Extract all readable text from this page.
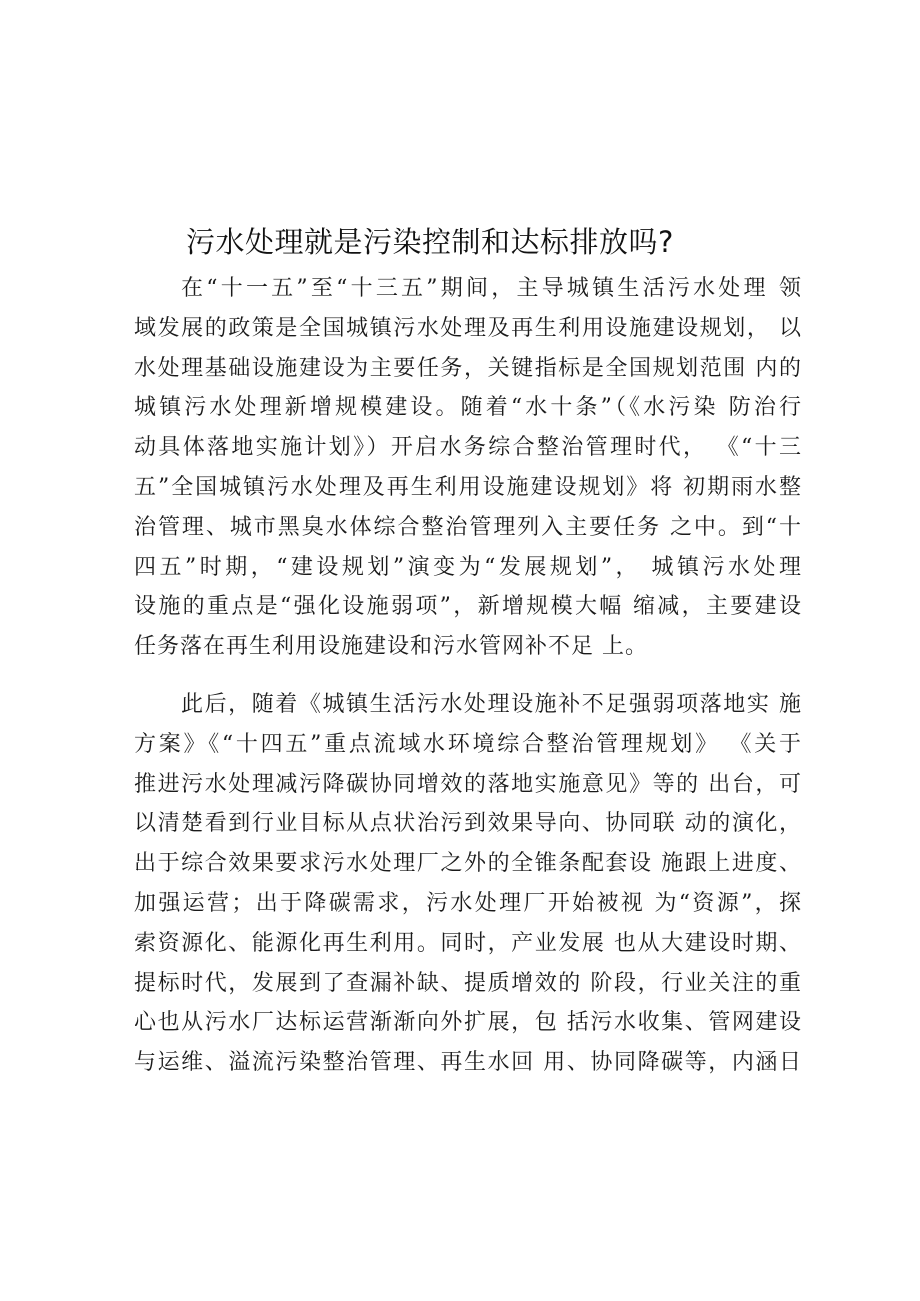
污水处理就是污染控制和达标排放吗?

在“十一五”至“十三五”期间，主导城镇生活污水处理 领
域发展的政策是全国城镇污水处理及再生利用设施建设规划， 以
水处理基础设施建设为主要任务，关键指标是全国规划范围 内的
城镇污水处理新增规模建设。随着“水十条”（《水污染 防治行
动具体落地实施计划》）开启水务综合整治管理时代， 《“十三
五”全国城镇污水处理及再生利用设施建设规划》将 初期雨水整
治管理、城市黑臭水体综合整治管理列入主要任务 之中。到“十
四五”时期，“建设规划”演变为“发展规划”， 城镇污水处理
设施的重点是“强化设施弱项”，新增规模大幅 缩减，主要建设
任务落在再生利用设施建设和污水管网补不足 上。

此后，随着《城镇生活污水处理设施补不足强弱项落地实 施
方案》《“十四五”重点流域水环境综合整治管理规划》 《关于
推进污水处理减污降碳协同增效的落地实施意见》等的 出台，可
以清楚看到行业目标从点状治污到效果导向、协同联 动的演化，
出于综合效果要求污水处理厂之外的全锥条配套设 施跟上进度、
加强运营；出于降碳需求，污水处理厂开始被视 为“资源”，探
索资源化、能源化再生利用。同时，产业发展 也从大建设时期、
提标时代，发展到了查漏补缺、提质增效的 阶段，行业关注的重
心也从污水厂达标运营渐渐向外扩展，包 括污水收集、管网建设
与运维、溢流污染整治管理、再生水回 用、协同降碳等，内涵日
